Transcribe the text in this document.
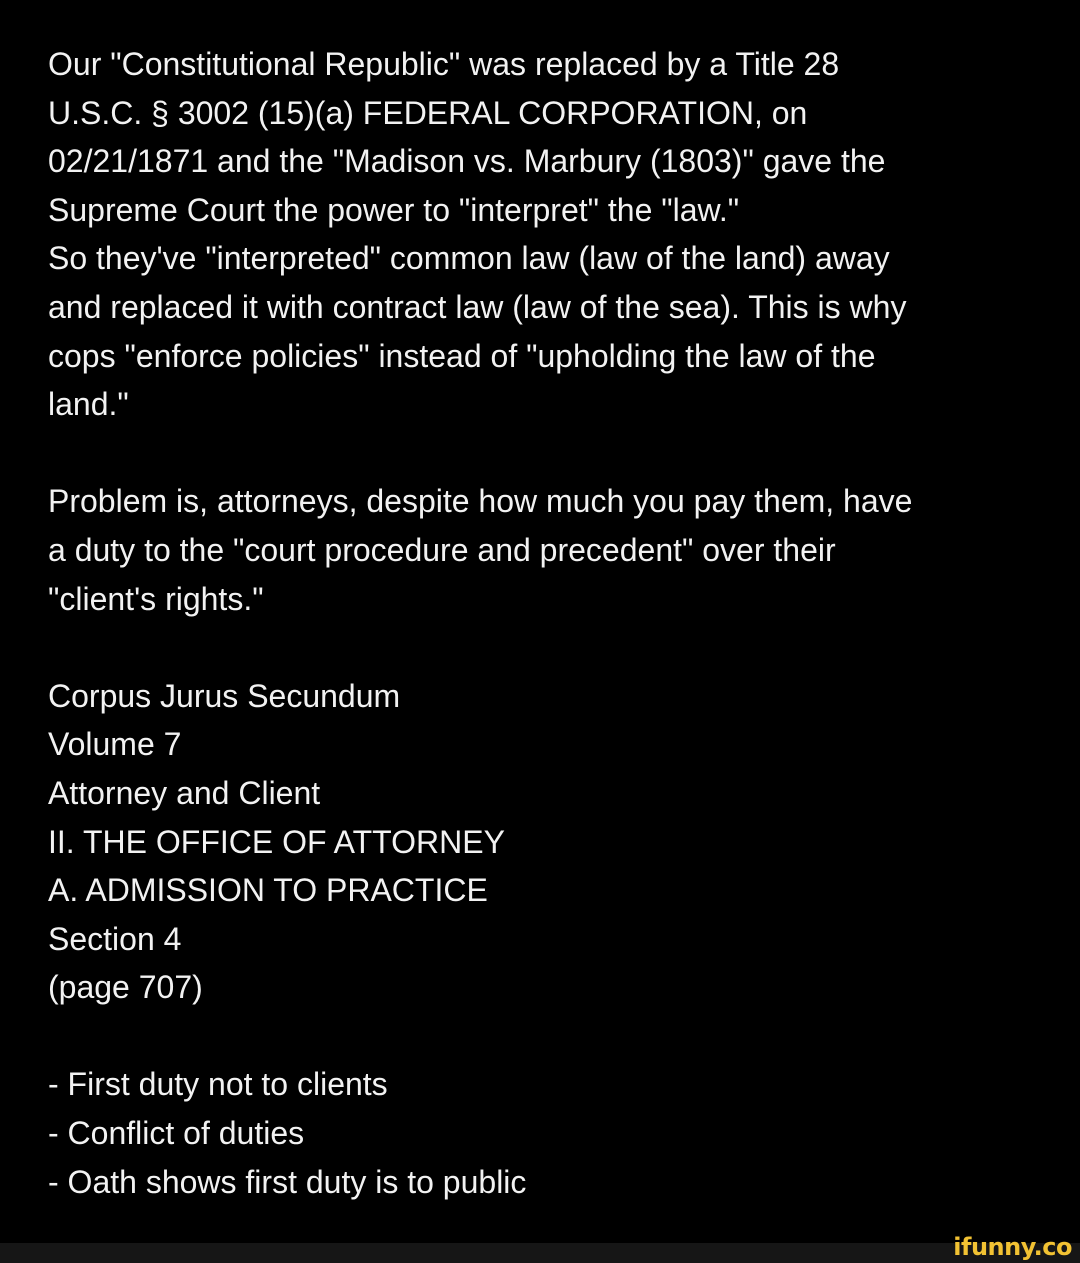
Our "Constitutional Republic" was replaced by a Title 28

U.S.C. § 3002 (15)(a) FEDERAL CORPORATION, on

02/21/1871 and the "Madison vs. Marbury (1803)" gave the

Supreme Court the power to "interpret" the "law."

So they've "interpreted" common law (law of the land) away

and replaced it with contract law (law of the sea). This is why

cops "enforce policies" instead of "upholding the law of the

land."

Problem is, attorneys, despite how much you pay them, have

a duty to the "court procedure and precedent" over their

"client's rights."

Corpus Jurus Secundum

Volume 7

Attorney and Client

II. THE OFFICE OF ATTORNEY

A. ADMISSION TO PRACTICE

Section 4

(page 707)

- First duty not to clients

- Conflict of duties

- Oath shows first duty is to public

ifunny.co
